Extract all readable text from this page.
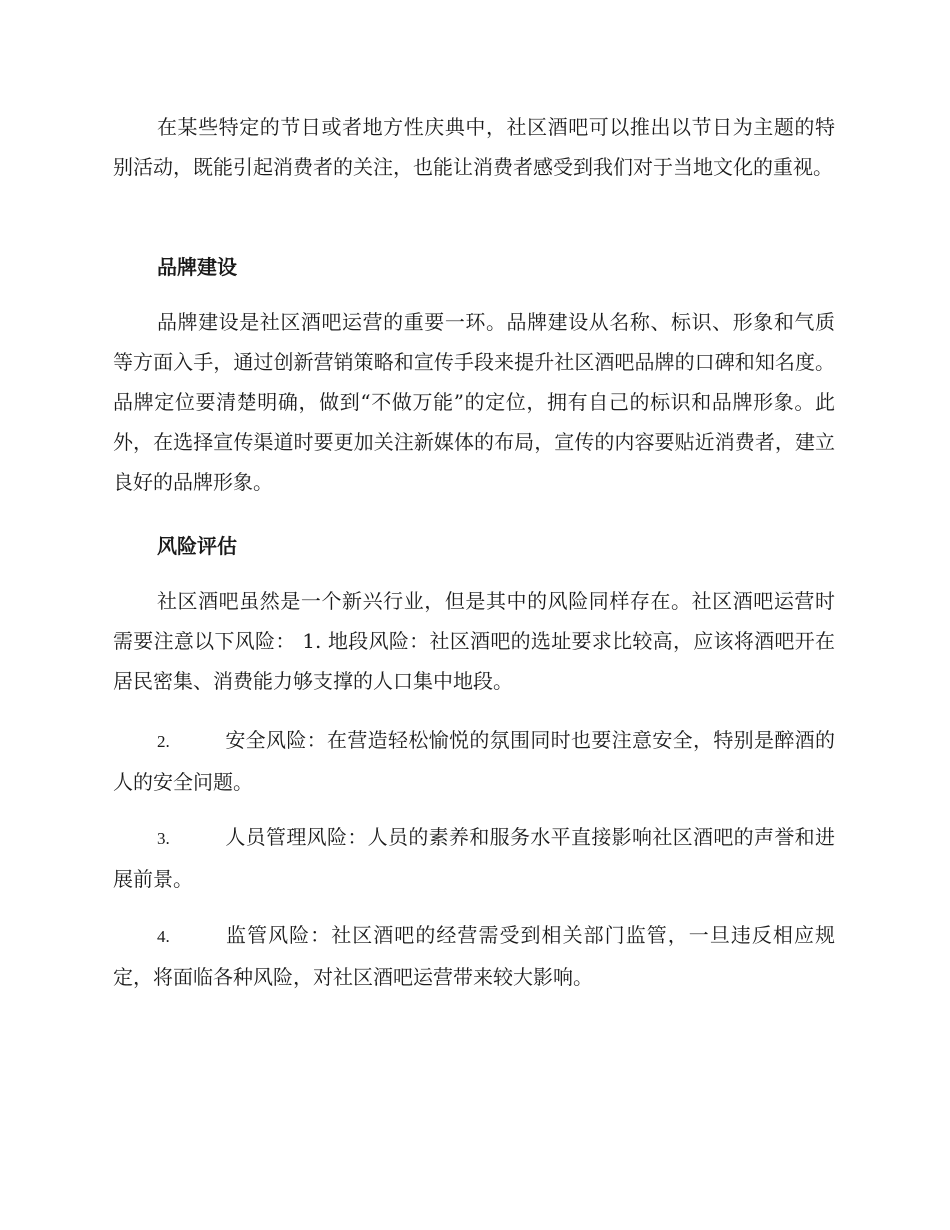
在某些特定的节日或者地方性庆典中，社区酒吧可以推出以节日为主题的特别活动，既能引起消费者的关注，也能让消费者感受到我们对于当地文化的重视。

品牌建设

品牌建设是社区酒吧运营的重要一环。品牌建设从名称、标识、形象和气质等方面入手，通过创新营销策略和宣传手段来提升社区酒吧品牌的口碑和知名度。品牌定位要清楚明确，做到“不做万能”的定位，拥有自己的标识和品牌形象。此外，在选择宣传渠道时要更加关注新媒体的布局，宣传的内容要贴近消费者，建立良好的品牌形象。

风险评估

社区酒吧虽然是一个新兴行业，但是其中的风险同样存在。社区酒吧运营时需要注意以下风险： 1. 地段风险：社区酒吧的选址要求比较高，应该将酒吧开在居民密集、消费能力够支撑的人口集中地段。

2.	安全风险：在营造轻松愉悦的氛围同时也要注意安全，特别是醉酒的人的安全问题。

3.	人员管理风险：人员的素养和服务水平直接影响社区酒吧的声誉和进展前景。

4.	监管风险：社区酒吧的经营需受到相关部门监管，一旦违反相应规定，将面临各种风险，对社区酒吧运营带来较大影响。
